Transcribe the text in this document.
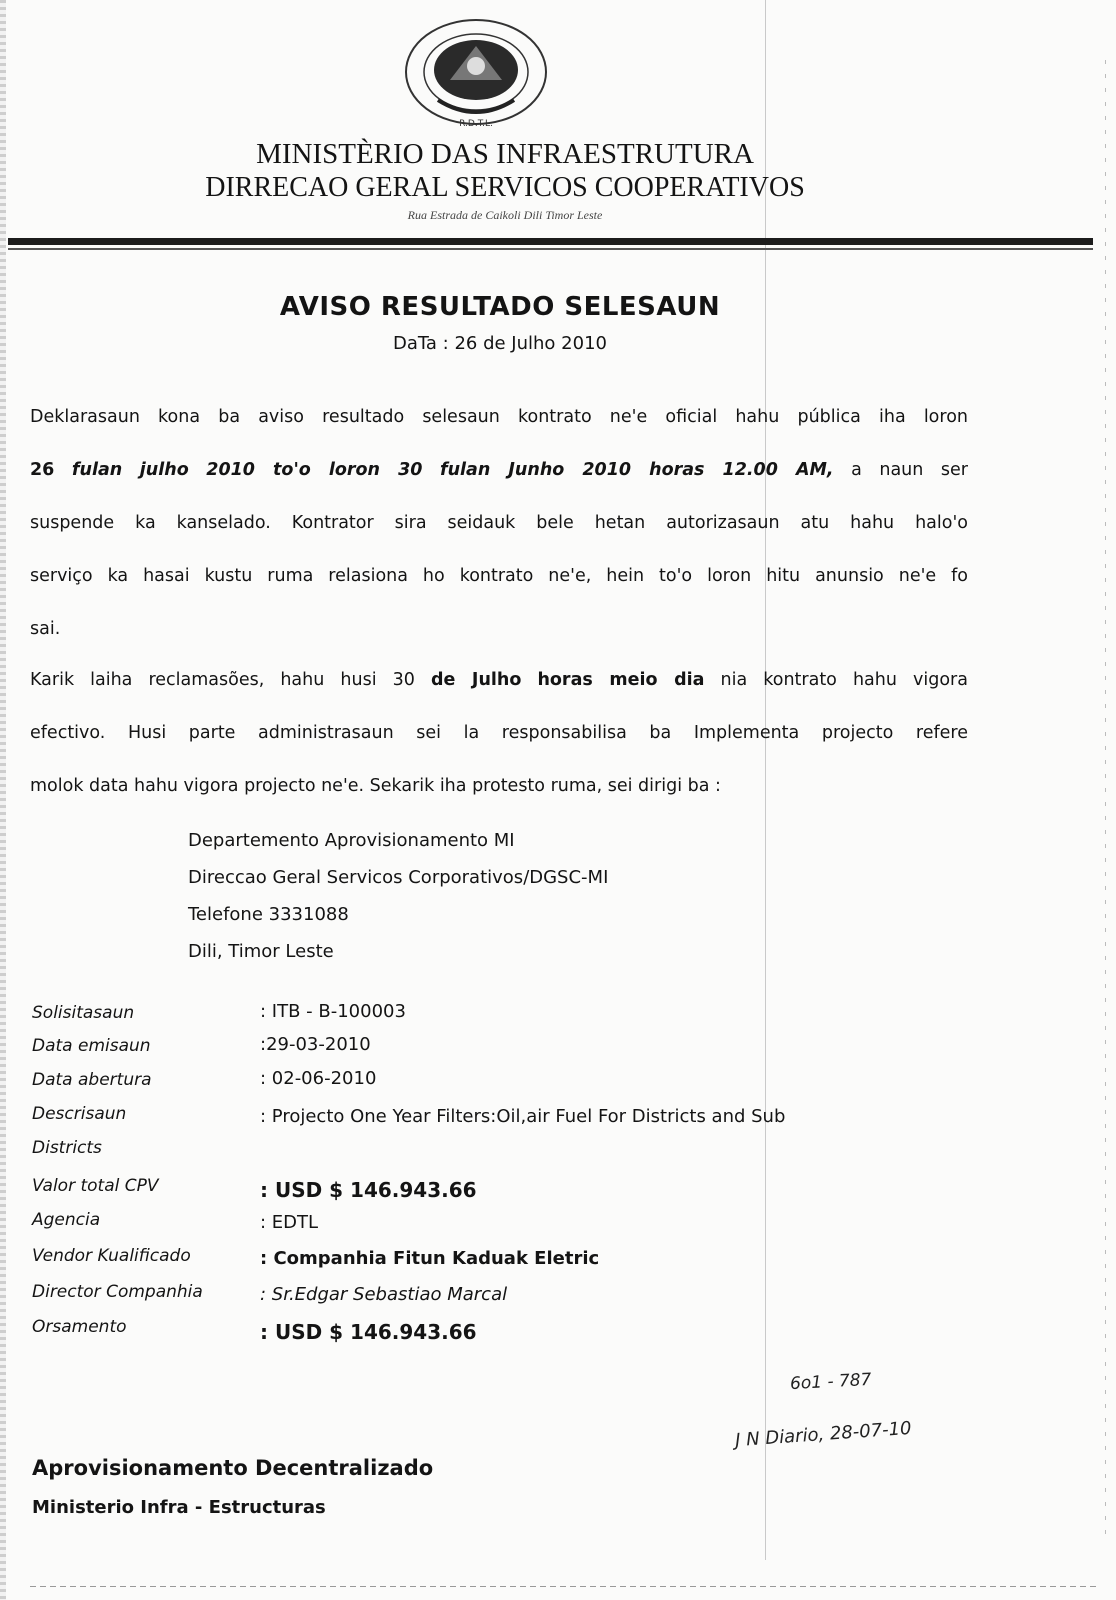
R.D.T.L.
MINISTÈRIO DAS INFRAESTRUTURA
DIRRECAO GERAL SERVICOS COOPERATIVOS
Rua Estrada de Caikoli Dili Timor Leste
AVISO RESULTADO SELESAUN
DaTa : 26 de Julho 2010
Deklarasaun kona ba aviso resultado selesaun kontrato ne'e oficial hahu pública iha loron
26 fulan julho 2010 to'o loron 30 fulan Junho 2010 horas 12.00 AM, a naun ser
suspende ka kanselado. Kontrator sira seidauk bele hetan autorizasaun atu hahu halo'o
serviço ka hasai kustu ruma relasiona ho kontrato ne'e, hein to'o loron hitu anunsio ne'e fo
sai.
Karik laiha reclamasões, hahu husi 30 de Julho horas meio dia nia kontrato hahu vigora
efectivo. Husi parte administrasaun sei la responsabilisa ba Implementa projecto refere
molok data hahu vigora projecto ne'e. Sekarik iha protesto ruma, sei dirigi ba :
Departemento Aprovisionamento MI
Direccao Geral Servicos Corporativos/DGSC-MI
Telefone 3331088
Dili, Timor Leste
Solisitasaun	: ITB - B-100003
Data emisaun	:29-03-2010
Data abertura	: 02-06-2010
Descrisaun	: Projecto One Year Filters:Oil,air Fuel For Districts and Sub
Districts
Valor total CPV	: USD $ 146.943.66
Agencia	: EDTL
Vendor Kualificado	: Companhia Fitun Kaduak Eletric
Director Companhia	: Sr.Edgar Sebastiao Marcal
Orsamento	: USD $ 146.943.66
6o1 - 787
J N Diario, 28-07-10
Aprovisionamento Decentralizado
Ministerio Infra - Estructuras
